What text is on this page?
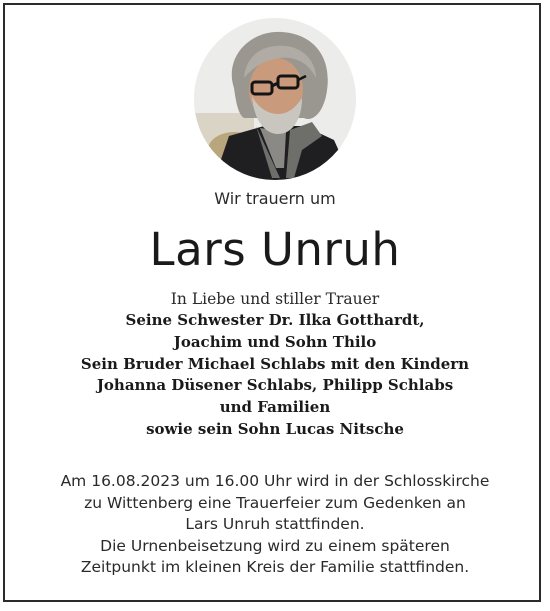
Wir trauern um
Lars Unruh
In Liebe und stiller Trauer
Seine Schwester Dr. Ilka Gotthardt,
Joachim und Sohn Thilo
Sein Bruder Michael Schlabs mit den Kindern
Johanna Düsener Schlabs, Philipp Schlabs
und Familien
sowie sein Sohn Lucas Nitsche
Am 16.08.2023 um 16.00 Uhr wird in der Schlosskirche
zu Wittenberg eine Trauerfeier zum Gedenken an
Lars Unruh stattfinden.
Die Urnenbeisetzung wird zu einem späteren
Zeitpunkt im kleinen Kreis der Familie stattfinden.
